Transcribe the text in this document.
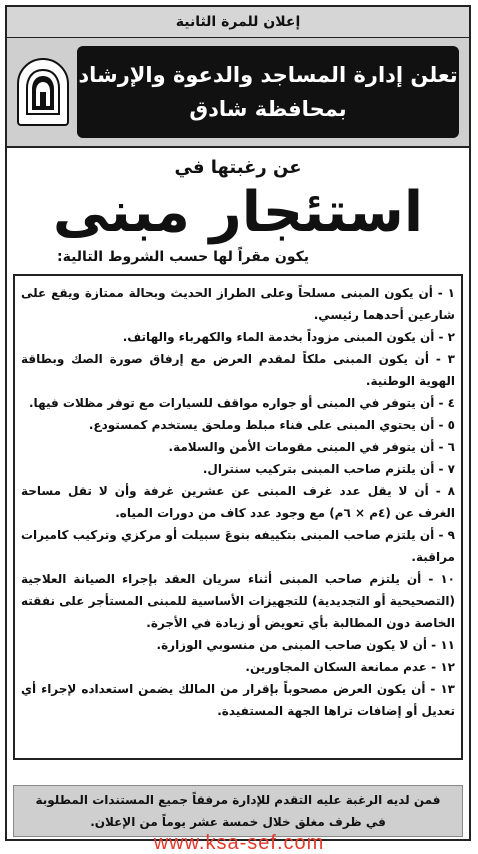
إعلان للمرة الثانية
تعلن إدارة المساجد والدعوة والإرشاد
بمحافظة شادق
عن رغبتها في
استئجار مبنى
يكون مقراً لها حسب الشروط التالية:
١ - أن يكون المبنى مسلحاً وعلى الطراز الحديث وبحالة ممتازة ويقع على شارعين أحدهما رئيسي.
٢ - أن يكون المبنى مزوداً بخدمة الماء والكهرباء والهاتف.
٣ - أن يكون المبنى ملكاً لمقدم العرض مع إرفاق صورة الصك وبطاقة الهوية الوطنية.
٤ - أن يتوفر في المبنى أو جواره مواقف للسيارات مع توفر مظلات فيها.
٥ - أن يحتوي المبنى على فناء مبلط وملحق يستخدم كمستودع.
٦ - أن يتوفر في المبنى مقومات الأمن والسلامة.
٧ - أن يلتزم صاحب المبنى بتركيب سنترال.
٨ - أن لا يقل عدد غرف المبنى عن عشرين غرفة وأن لا تقل مساحة الغرف عن (٤م × ٦م) مع وجود عدد كاف من دورات المياه.
٩ - أن يلتزم صاحب المبنى بتكييفه بنوعَ سبيلت أو مركزي وتركيب كاميرات مراقبة.
١٠ - أن يلتزم صاحب المبنى أثناء سريان العقد بإجراء الصيانة العلاجية (التصحيحية أو التجديدية) للتجهيزات الأساسية للمبنى المستأجر على نفقته الخاصة دون المطالبة بأي تعويض أو زيادة في الأجرة.
١١ - أن لا يكون صاحب المبنى من منسوبي الوزارة.
١٢ - عدم ممانعة السكان المجاورين.
١٣ - أن يكون العرض مصحوباً بإقرار من المالك يضمن استعداده لإجراء أي تعديل أو إضافات تراها الجهة المستفيدة.
فمن لديه الرغبة عليه التقدم للإدارة مرفقاً جميع المستندات المطلوبة
في ظرف مغلق خلال خمسة عشر يوماً من الإعلان.
www.ksa-sef.com
